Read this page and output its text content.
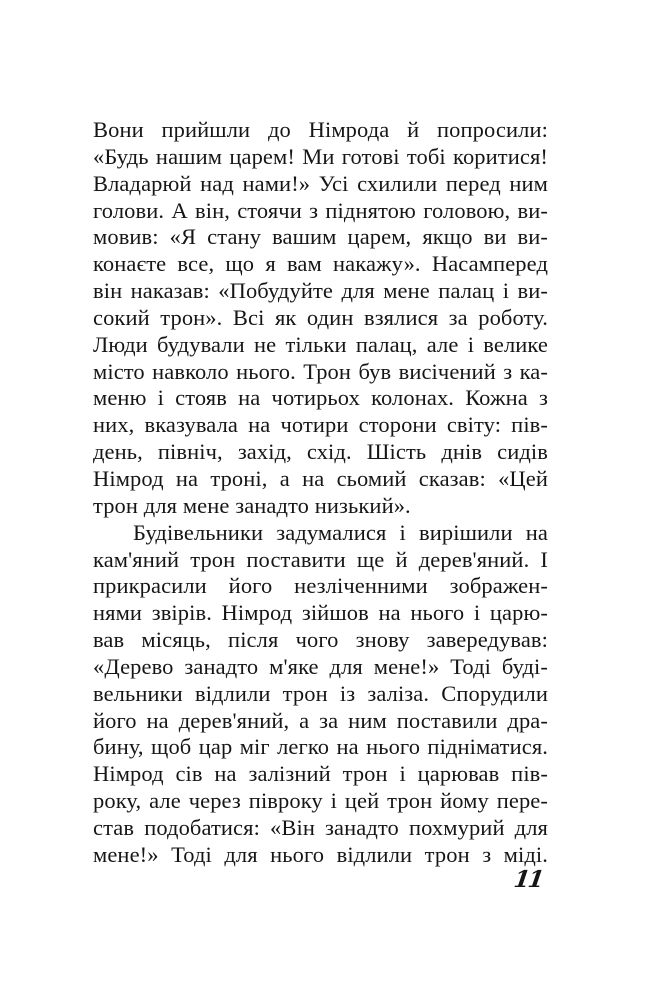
Вони прийшли до Німрода й попросили:
«Будь нашим царем! Ми готові тобі коритися!
Владарюй над нами!» Усі схилили перед ним
голови. А він, стоячи з піднятою головою, ви-
мовив: «Я стану вашим царем, якщо ви ви-
конаєте все, що я вам накажу». Насамперед
він наказав: «Побудуйте для мене палац і ви-
сокий трон». Всі як один взялися за роботу.
Люди будували не тільки палац, але і велике
місто навколо нього. Трон був висічений з ка-
меню і стояв на чотирьох колонах. Кожна з
них, вказувала на чотири сторони світу: пів-
день, північ, захід, схід. Шість днів сидів
Німрод на троні, а на сьомий сказав: «Цей
трон для мене занадто низький».
Будівельники задумалися і вирішили на
кам'яний трон поставити ще й дерев'яний. І
прикрасили його незліченними зображен-
нями звірів. Німрод зійшов на нього і царю-
вав місяць, після чого знову завередував:
«Дерево занадто м'яке для мене!» Тоді буді-
вельники відлили трон із заліза. Спорудили
його на дерев'яний, а за ним поставили дра-
бину, щоб цар міг легко на нього підніматися.
Німрод сів на залізний трон і царював пів-
року, але через півроку і цей трон йому пере-
став подобатися: «Він занадто похмурий для
мене!» Тоді для нього відлили трон з міді.
11
